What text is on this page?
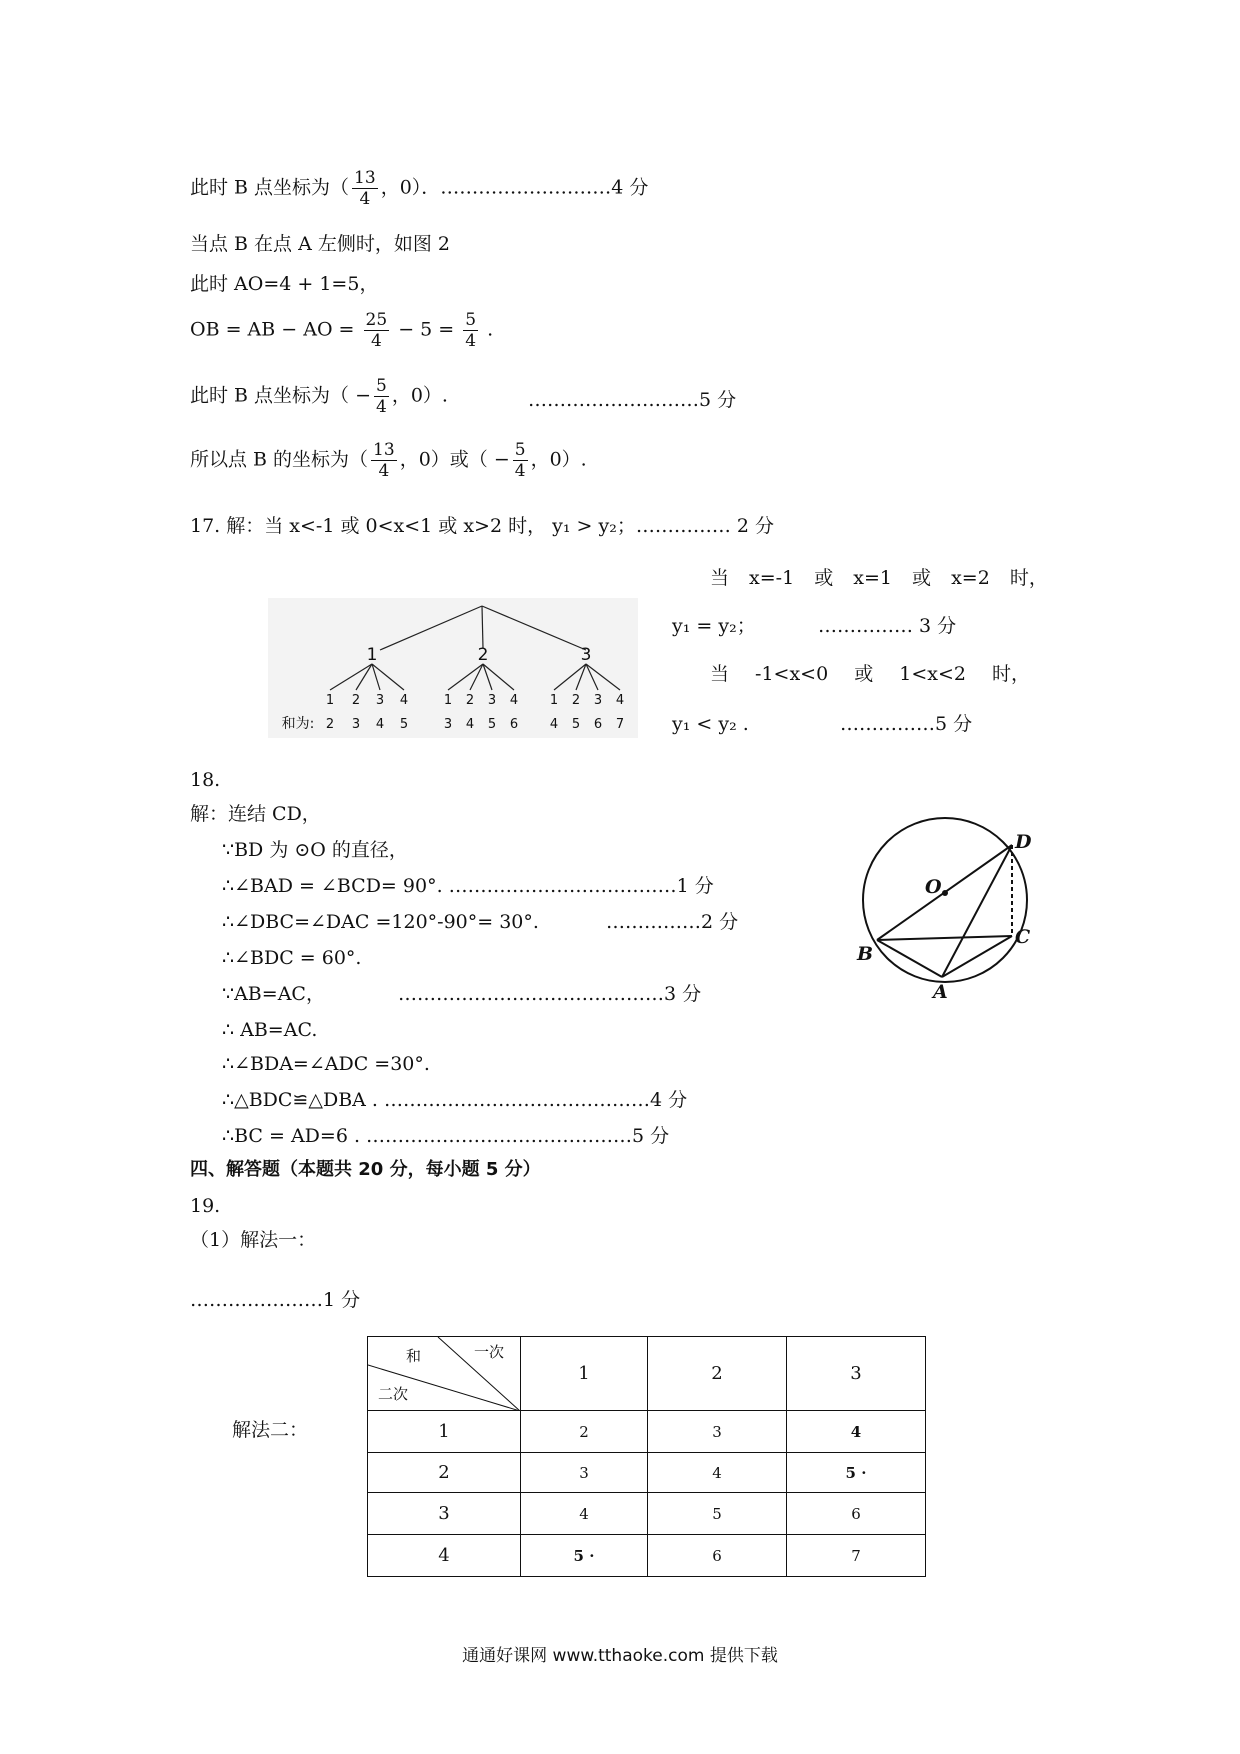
此时 B 点坐标为（ $\frac{13}{4}$ ，0）．………………………4 分
当点 B 在点 A 左侧时，如图 2
此时 AO=4 + 1=5，
OB = AB − AO = $\frac{25}{4} - 5 = \frac{5}{4}$ .
此时 B 点坐标为（ − $\frac{5}{4}$ ，0）.	………………………5 分
所以点 B 的坐标为（ $\frac{13}{4}$ ，0）或（ − $\frac{5}{4}$ ，0）.
17. 解：当 x<-1 或 0<x<1 或 x>2 时， y₁ > y₂；…………… 2 分
当 x=-1 或 x=1 或 x=2 时，
y₁ = y₂；	…………… 3 分
当 -1<x<0 或 1<x<2 时，
y₁ < y₂ .	……………5 分
1	2	3
1 2 3 4	1 2 3 4 1 2 3 4
和为: 2 3 4 5	3 4 5 6 4 5 6 7
18.
解：连结 CD，
∵BD 为 ⊙O 的直径，
∴∠BAD = ∠BCD= 90°. ………………………………1 分
∴∠DBC=∠DAC =120°-90°= 30°.	……………2 分
∴∠BDC = 60°.
∵AB=AC，	……………………………………3 分
∴ AB=AC.
∴∠BDA=∠ADC =30°.
∴△BDC≌△DBA . ……………………………………4 分
∴BC = AD=6 . ……………………………………5 分
O
D
B
C
A
四、解答题（本题共 20 分，每小题 5 分）
19.
（1）解法一：
…………………1 分
解法二：
一次
和
二次	1	2	3
1	2	3	4
2	3	4	5 ·
3	4	5	6
4	5 ·	6	7
通通好课网 www.tthaoke.com 提供下载
